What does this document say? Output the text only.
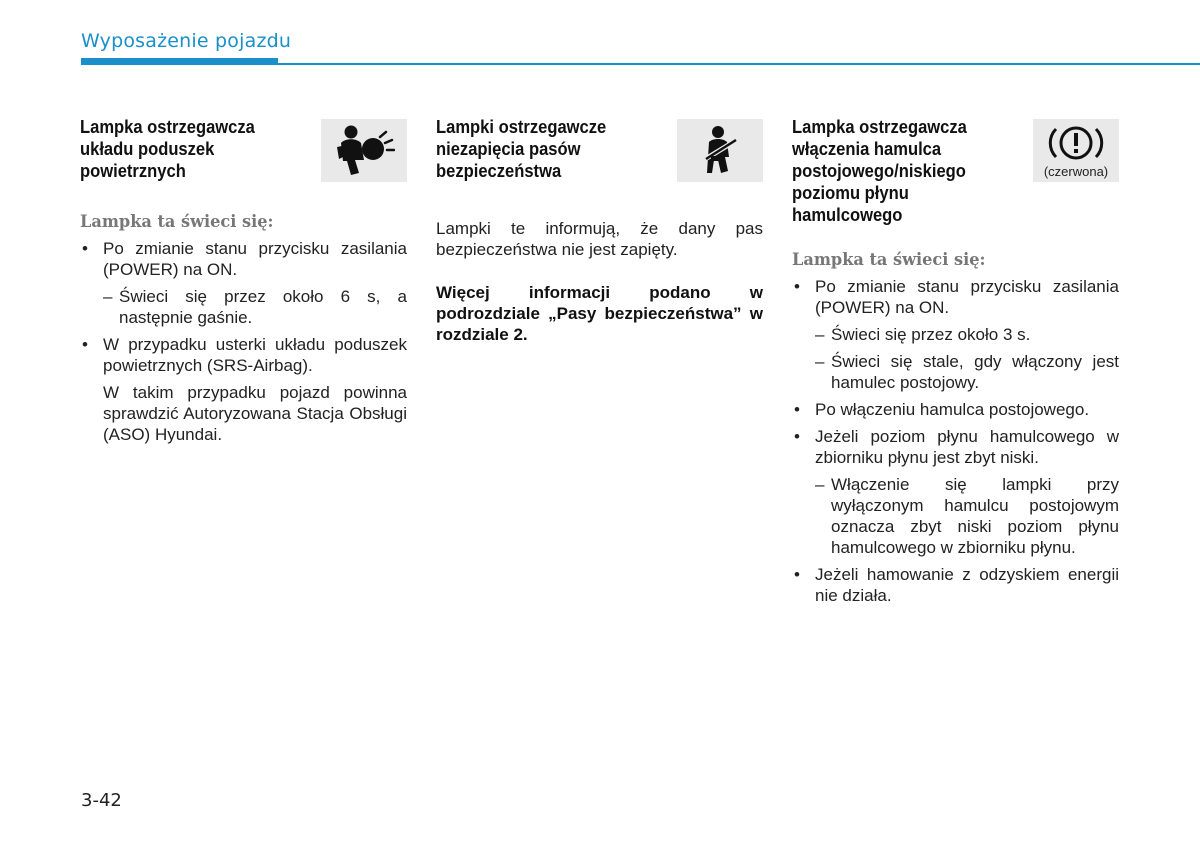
Wyposażenie pojazdu
Lampka ostrzegawcza układu poduszek powietrznych
Lampka ta świeci się:
• Po zmianie stanu przycisku zasilania (POWER) na ON.
– Świeci się przez około 6 s, a następnie gaśnie.
• W przypadku usterki układu poduszek powietrznych (SRS-Airbag).
W takim przypadku pojazd powinna sprawdzić Autoryzowana Stacja Obsługi (ASO) Hyundai.
Lampki ostrzegawcze niezapięcia pasów bezpieczeństwa

Lampki te informują, że dany pas bezpieczeństwa nie jest zapięty.

Więcej informacji podano w podrozdziale „Pasy bezpieczeństwa” w rozdziale 2.

Lampka ostrzegawcza włączenia hamulca postojowego/niskiego poziomu płynu hamulcowego
(czerwona)
Lampka ta świeci się:
• Po zmianie stanu przycisku zasilania (POWER) na ON.
– Świeci się przez około 3 s.
– Świeci się stale, gdy włączony jest hamulec postojowy.
• Po włączeniu hamulca postojowego.
• Jeżeli poziom płynu hamulcowego w zbiorniku płynu jest zbyt niski.
– Włączenie się lampki przy wyłączonym hamulcu postojowym oznacza zbyt niski poziom płynu hamulcowego w zbiorniku płynu.
• Jeżeli hamowanie z odzyskiem energii nie działa.
3-42
